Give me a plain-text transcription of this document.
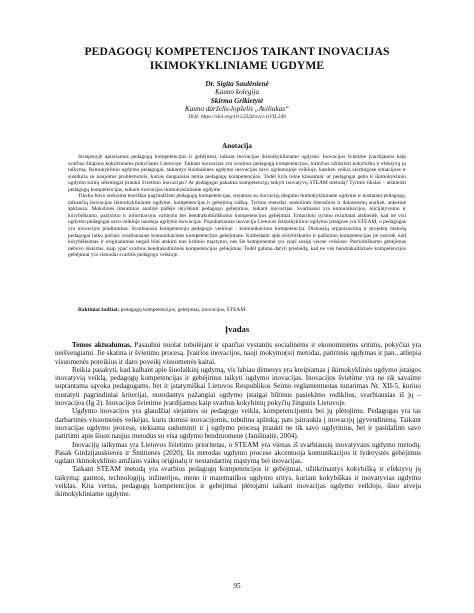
PEDAGOGŲ KOMPETENCIJOS TAIKANT INOVACIJAS
IKIMOKYKLINIAME UGDYME
Dr. Sigita Saulėnienė
Kauno kolegija
Skirma Grikietytė
Kauno darželis-lopšelis „Aviliukas“
DOI: https://doi.org/10.52320/svv.v1iVII.240
Anotacija

Straipsnyje aptariamos pedagogų kompetencijos ir gebėjimai, taikant inovacijas ikimokykliniame ugdyme. Inovacijos švietime įvardijamos kaip svarbus žingsnis kokybiniams pokyčiams Lietuvoje. Taikant inovacijas yra svarbios pedagogų kompetencijos, turinčios užtikrinti kokybiška ir efektyvų jų taikymą. Ikimokyklinio ugdymo pedagogai, taikantys šiuolaikines ugdymo inovacijas savo ugdomojoje veikloje, kasdien veikia skirtingose situacijose ir susiduria su naujomis problemomis, kurias dauguasiai lemia pedagogų kompetencijos. Todėl kyla tokie klausimai: ar pedagogai geba ir ikimokyklinio ugdymo turinį sėkmingai įtraukti švietimo inovacijas? Ar pedagogai pakanka kompetencijų taikyti inovatyvų STEAM metodą? Tyrimo tikslas – atskleisti pedagogų kompetencijas, taikant inovacijas ikimokykliniame ugdyme.

Tiksliu buvo siekiama teoriškai pagrindžiant pedagogų kompetencijas, siejamas su inovacijų diegimu ikimokykliniame ugdyme ir nustatant pedagogų, taikančių inovacijas ikimokykliniame ugdyme, kompetencijas ir gebėjimų raišką. Tyrimo metodai: mokslinės literatūros ir dokumentų analizė, anketinė apklausa. Mokslinės literatūros analizė padėjo išryškinti pedagogo gebėjimus, taikant inovacijas. Svarbiausi yra komunikacijos, inicijatyvumo ir kūrybiškumo, pažinimo ir informacijos valdymo bei bendrakultūriškumo kompetencijos gebėjimai. Empirinio tyrimo rezultatai atskleidė, kad ne visi ugdymo pedagogai savo veikloje naudoja ugdymo inovacijas. Populiariausia inovacija Lietuvos ikimokyklinio ugdymo įstaigose yra STEAM, o pedagogas yra inovacijos pradininkas. Svarbiausia kompetencija pedagogo veikloje - komunikavimo kompetencija. Diskusijų organizavimą ir projektų metodą pedagogai laiko pačiais svarbiausiais komunikacinės kompetencijos gebėjimais. Kalbėdami apie kūrybiškumo ir pažinimo kompetencijas jie nurodė, kad kūrybiškumas ir originalumas negali būti atskirti nuo kritinio mąstymo, nes šie komponentai yra ypač susiję visose veiklose. Patrioltiškumo gebėjimas nebuvo išskirtas, kaip ypač svarbus bendrakultūrinės kompetencijos gebėjimas. Todėl galima daryti prielaidą, kad ne visi bendrakultūrinės kompetencijos gebėjimai yra vienodai svarbūs pedagogo veikloje.

Raktiniai žodžiai: pedagogų kompetencijos, gebėjimai, inovacijos, STEAM.
Įvadas

Temos aktualumas. Pasauliui nuolat tobulėjant ir sparčiai vystantis socialinėms ir ekonominėms sritims, pokyčiai yra neišvengiami. Jie skatina ir švietimo procesą. Įvairios inovacijos, nauji mokymo(si) metodai, patirtinis ugdymas ir pan., atliepia visuomenės poreikius ir daro poveikį visuomenės kaitai.

Reikia pasakyti, kad kalbant apie šiuolaikinį ugdymą, vis labiau dėmesys yra kreipiamas į ikimokyklinės ugdymo įstaigos inovatyvią veiklą, pedagogų kompetencijas ir gebėjimus taikyti ugdymo inovacijas. Inovacijos švietime yra ne tik savaime suprantama sąvoka pedagogams, bet ir įstatymiškai Lietuvos Respublikos Seimo reglamentuotas nutarimas Nr. XII-5, kuriuo nustatyti pagrindiniai kriterijai, nurodantys pažangiai ugdymo įstaigai būtinus pasiekimo rodiklius, svarbiausias iš jų – inovacijos (Ig 2). Inovacijos švietime įvardijamos kaip svarbus kokybinių pokyčių žingsnis Lietuvoje.

Ugdymo inovacijos yra glaudžiai siejamos su pedagogo veikla, kompetencijomis bei jų plėtojimu. Pedagogas yra tas darbartinės visuomenės veikėjas, kuris domisi inovacijomis, tobulina aplinką, pats įsitraukia į inovacijų įgyvendinimą. Taikant inovacijas ugdymo procese, siekiama sudominti ir į ugdymo procesą įtraukti ne tik savo ugdytinius, bet ir pasidalinti savo patirtimi apie šiuos naujus metodus su visa ugdymo bendruomene (Janiūnaitė, 2004).

Inovacijų taikymas yra Lietuvos švietimo prioritetas, o STEAM yra vienas iš svarbiausių inovatyvaus ugdymo metodų. Pasak Girdzijauskienės ir Šmitienės (2020), šis metodas ugdymo procese akcentuoja komunikacijos ir lyderystės gebėjimus ugdant ikimokyklinio amžiaus vaikų originalų ir nestandartinį mąstymą bei inovacijas.

Taikant STEAM metodą yra svarbios pedagogų kompetencijos ir gebėjimai, užtikrinantys kokybišką ir efektyvų jų taikymą: gamtos, technologijų, inžinerijos, meno ir matematikos ugdymo sritys, kuriant kokybiškas ir inovatyvias ugdymo veiklas. Kita vertus, pedagogų kompetencijos ir gebėjimai plėtojami taikant inovacijas ugdymo veikloje, šiuo atveju ikimokykliniame ugdyme.

95
